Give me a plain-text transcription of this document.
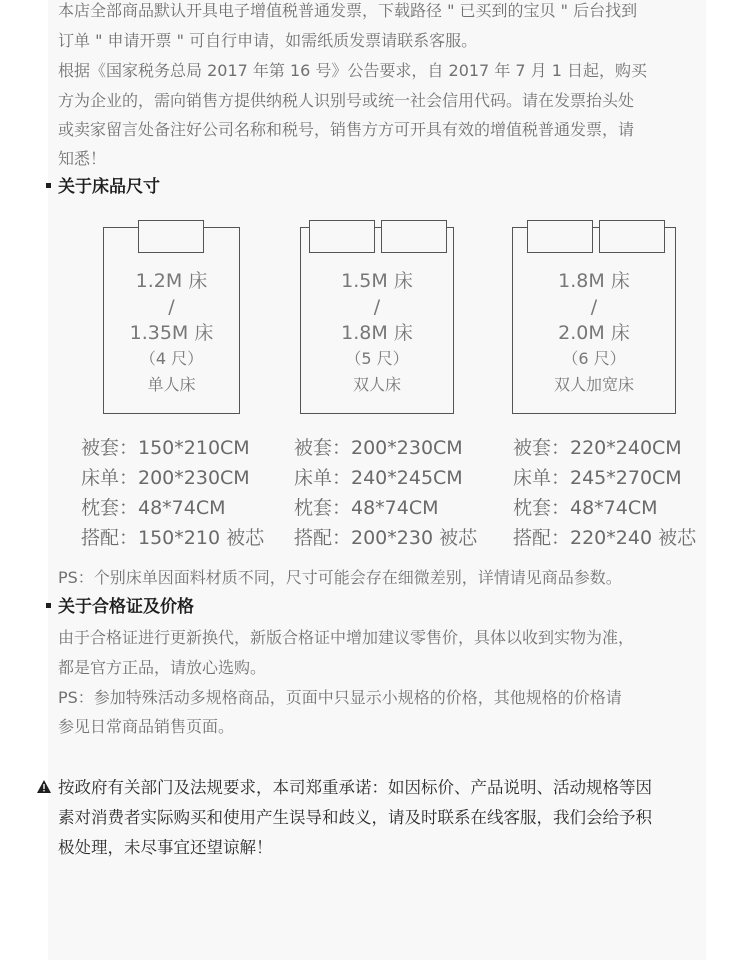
本店全部商品默认开具电子增值税普通发票，下载路径 " 已买到的宝贝 " 后台找到

订单 " 申请开票 " 可自行申请，如需纸质发票请联系客服。

根据《国家税务总局 2017 年第 16 号》公告要求，自 2017 年 7 月 1 日起，购买

方为企业的，需向销售方提供纳税人识别号或统一社会信用代码。请在发票抬头处

或卖家留言处备注好公司名称和税号，销售方方可开具有效的增值税普通发票，请

知悉！

关于床品尺寸
1.2M 床
/
1.35M 床
（4 尺）
单人床
1.5M 床
/
1.8M 床
（5 尺）
双人床
1.8M 床
/
2.0M 床
（6 尺）
双人加宽床
被套：150*210CM
床单：200*230CM
枕套：48*74CM
搭配：150*210 被芯
被套：200*230CM
床单：240*245CM
枕套：48*74CM
搭配：200*230 被芯
被套：220*240CM
床单：245*270CM
枕套：48*74CM
搭配：220*240 被芯

PS：个别床单因面料材质不同，尺寸可能会存在细微差别，详情请见商品参数。

关于合格证及价格

由于合格证进行更新换代，新版合格证中增加建议零售价，具体以收到实物为准，

都是官方正品，请放心选购。

PS：参加特殊活动多规格商品，页面中只显示小规格的价格，其他规格的价格请

参见日常商品销售页面。

按政府有关部门及法规要求，本司郑重承诺：如因标价、产品说明、活动规格等因

素对消费者实际购买和使用产生误导和歧义，请及时联系在线客服，我们会给予积

极处理，未尽事宜还望谅解！
